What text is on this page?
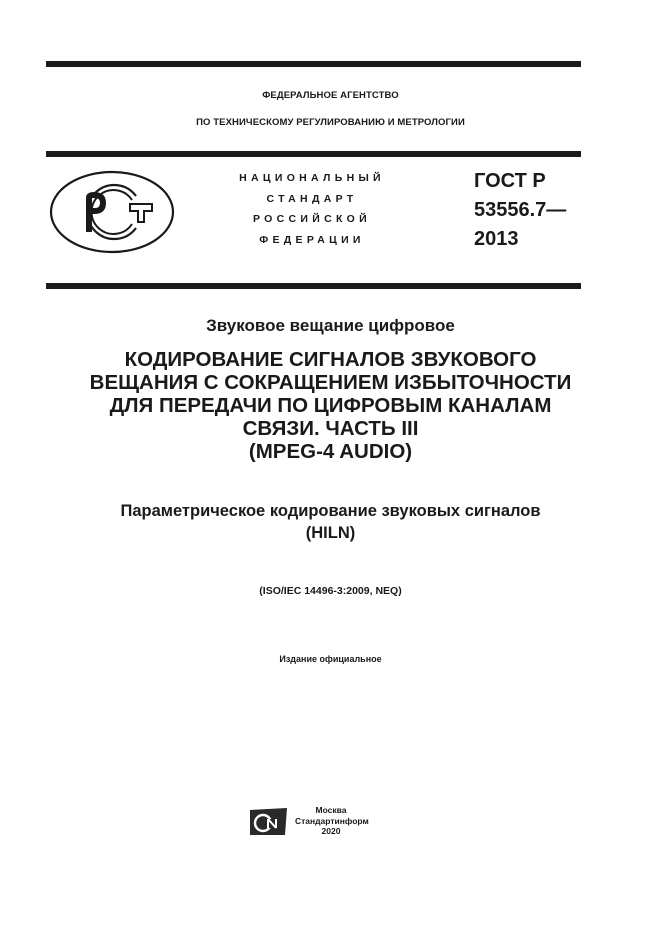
ФЕДЕРАЛЬНОЕ АГЕНТСТВО
ПО ТЕХНИЧЕСКОМУ РЕГУЛИРОВАНИЮ И МЕТРОЛОГИИ
НАЦИОНАЛЬНЫЙ
СТАНДАРТ
РОССИЙСКОЙ
ФЕДЕРАЦИИ
ГОСТ Р
53556.7—
2013
Звуковое вещание цифровое
КОДИРОВАНИЕ СИГНАЛОВ ЗВУКОВОГО
ВЕЩАНИЯ С СОКРАЩЕНИЕМ ИЗБЫТОЧНОСТИ
ДЛЯ ПЕРЕДАЧИ ПО ЦИФРОВЫМ КАНАЛАМ
СВЯЗИ. ЧАСТЬ III
(MPEG-4 AUDIO)
Параметрическое кодирование звуковых сигналов
(HILN)
(ISO/IEC 14496-3:2009, NEQ)
Издание официальное
Москва
Стандартинформ
2020
